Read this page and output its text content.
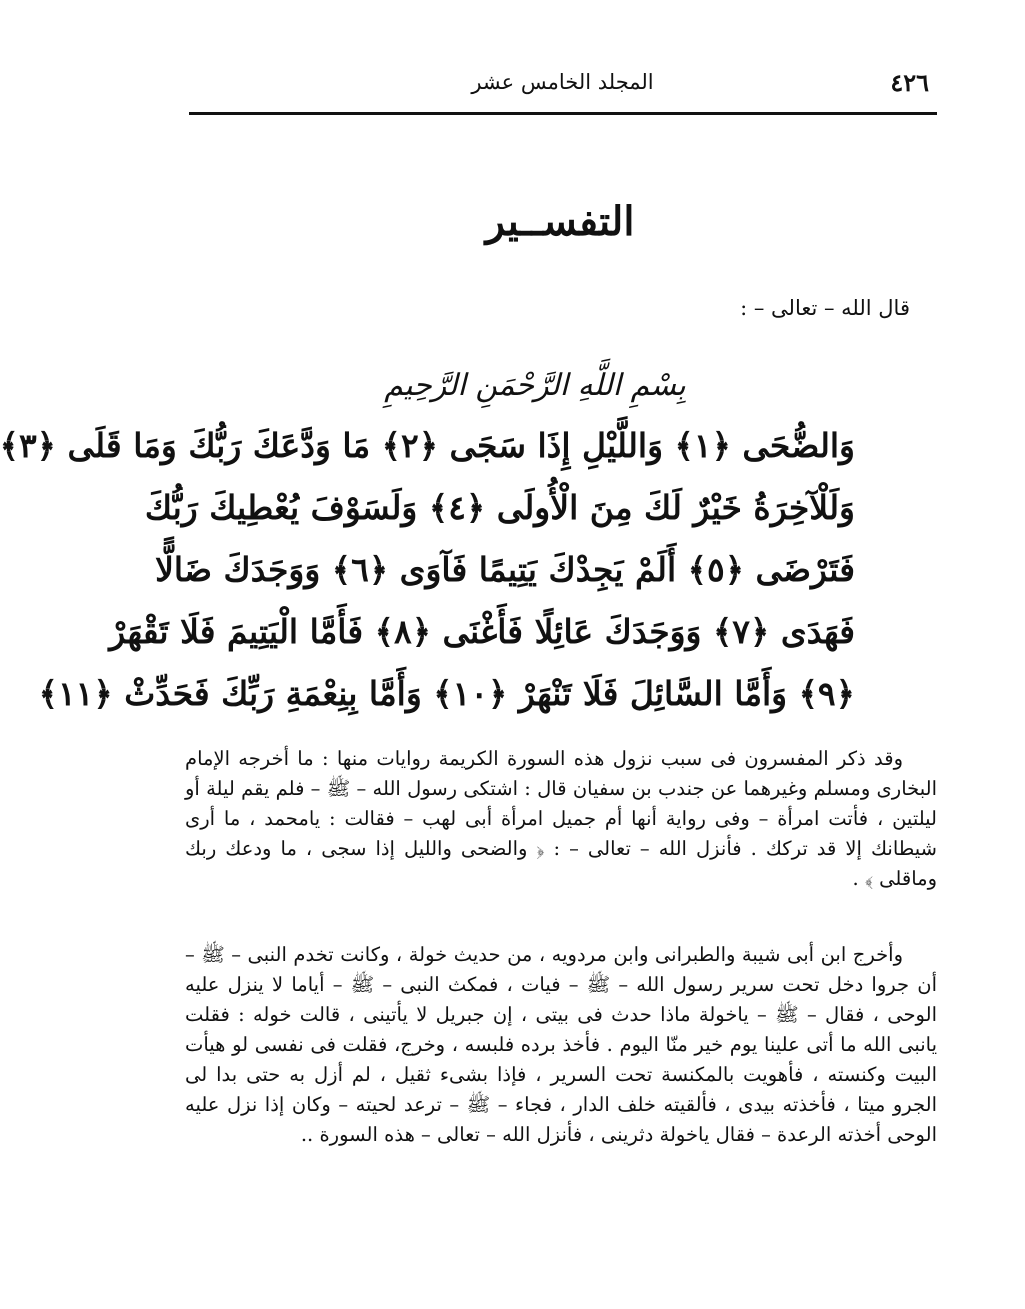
٤٢٦
المجلد الخامس عشر
التفســير
قال الله – تعالى – :
بِسْمِ اللَّهِ الرَّحْمَنِ الرَّحِيمِ
وَالضُّحَى ﴿١﴾ وَاللَّيْلِ إِذَا سَجَى ﴿٢﴾ مَا وَدَّعَكَ رَبُّكَ وَمَا قَلَى ﴿٣﴾
وَلَلْآخِرَةُ خَيْرٌ لَكَ مِنَ الْأُولَى ﴿٤﴾ وَلَسَوْفَ يُعْطِيكَ رَبُّكَ
فَتَرْضَى ﴿٥﴾ أَلَمْ يَجِدْكَ يَتِيمًا فَآوَى ﴿٦﴾ وَوَجَدَكَ ضَالًّا
فَهَدَى ﴿٧﴾ وَوَجَدَكَ عَائِلًا فَأَغْنَى ﴿٨﴾ فَأَمَّا الْيَتِيمَ فَلَا تَقْهَرْ
﴿٩﴾ وَأَمَّا السَّائِلَ فَلَا تَنْهَرْ ﴿١٠﴾ وَأَمَّا بِنِعْمَةِ رَبِّكَ فَحَدِّثْ ﴿١١﴾

وقد ذكر المفسرون فى سبب نزول هذه السورة الكريمة روايات منها : ما أخرجه الإمام البخارى ومسلم وغيرهما عن جندب بن سفيان قال : اشتكى رسول الله – ﷺ – فلم يقم ليلة أو ليلتين ، فأتت امرأة – وفى رواية أنها أم جميل امرأة أبى لهب – فقالت : يامحمد ، ما أرى شيطانك إلا قد تركك . فأنزل الله – تعالى – : ﴿ والضحى والليل إذا سجى ، ما ودعك ربك وماقلى ﴾ .

وأخرج ابن أبى شيبة والطبرانى وابن مردويه ، من حديث خولة ، وكانت تخدم النبى – ﷺ – أن جروا دخل تحت سرير رسول الله – ﷺ – فيات ، فمكث النبى – ﷺ – أياما لا ينزل عليه الوحى ، فقال – ﷺ – ياخولة ماذا حدث فى بيتى ، إن جبريل لا يأتينى ، قالت خوله : فقلت يانبى الله ما أتى علينا يوم خير منّا اليوم . فأخذ برده فلبسه ، وخرج، فقلت فى نفسى لو هيأت البيت وكنسته ، فأهويت بالمكنسة تحت السرير ، فإذا بشىء ثقيل ، لم أزل به حتى بدا لى الجرو ميتا ، فأخذته بيدى ، فألقيته خلف الدار ، فجاء – ﷺ – ترعد لحيته – وكان إذا نزل عليه الوحى أخذته الرعدة – فقال ياخولة دثرينى ، فأنزل الله – تعالى – هذه السورة ..
